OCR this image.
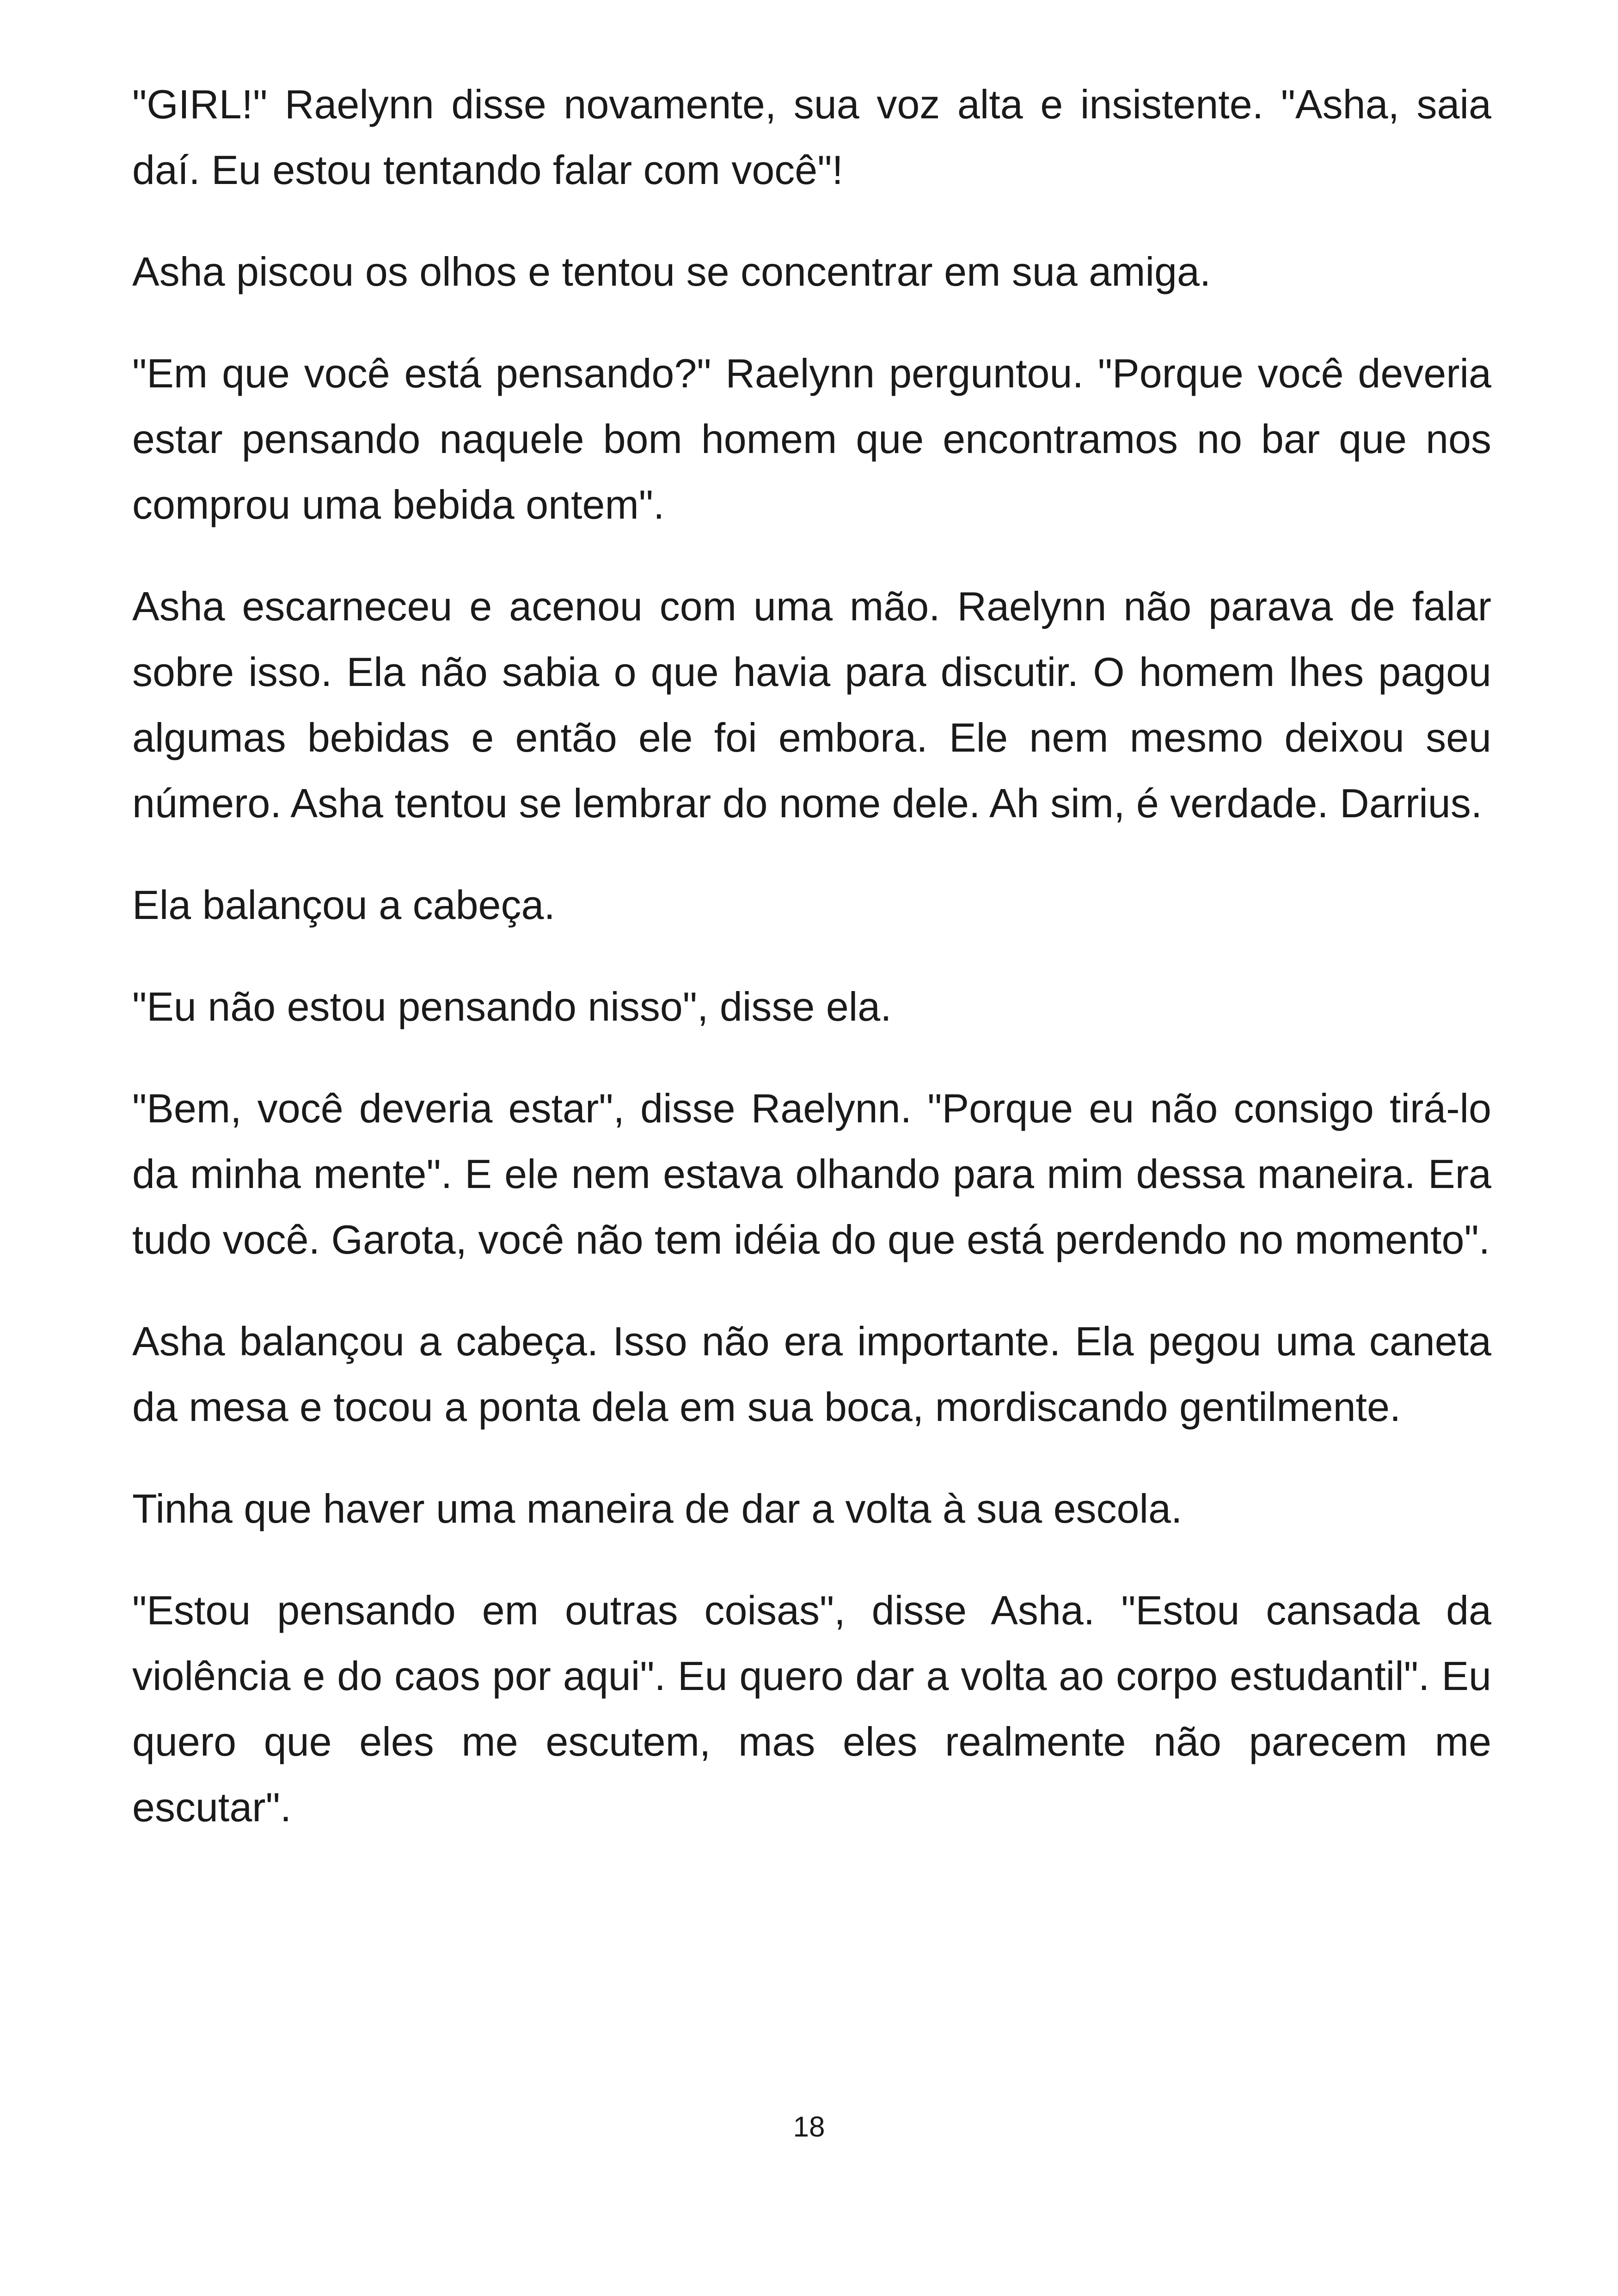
"GIRL!" Raelynn disse novamente, sua voz alta e insistente. "Asha, saia daí. Eu estou tentando falar com você"!

Asha piscou os olhos e tentou se concentrar em sua amiga.

"Em que você está pensando?" Raelynn perguntou. "Porque você deveria estar pensando naquele bom homem que encontramos no bar que nos comprou uma bebida ontem".

Asha escarneceu e acenou com uma mão. Raelynn não parava de falar sobre isso. Ela não sabia o que havia para discutir. O homem lhes pagou algumas bebidas e então ele foi embora. Ele nem mesmo deixou seu número. Asha tentou se lembrar do nome dele. Ah sim, é verdade. Darrius.

Ela balançou a cabeça.

"Eu não estou pensando nisso", disse ela.

"Bem, você deveria estar", disse Raelynn. "Porque eu não consigo tirá-lo da minha mente". E ele nem estava olhando para mim dessa maneira. Era tudo você. Garota, você não tem idéia do que está perdendo no momento".

Asha balançou a cabeça. Isso não era importante. Ela pegou uma caneta da mesa e tocou a ponta dela em sua boca, mordiscando gentilmente.

Tinha que haver uma maneira de dar a volta à sua escola.

"Estou pensando em outras coisas", disse Asha. "Estou cansada da violência e do caos por aqui". Eu quero dar a volta ao corpo estudantil". Eu quero que eles me escutem, mas eles realmente não parecem me escutar".

18
